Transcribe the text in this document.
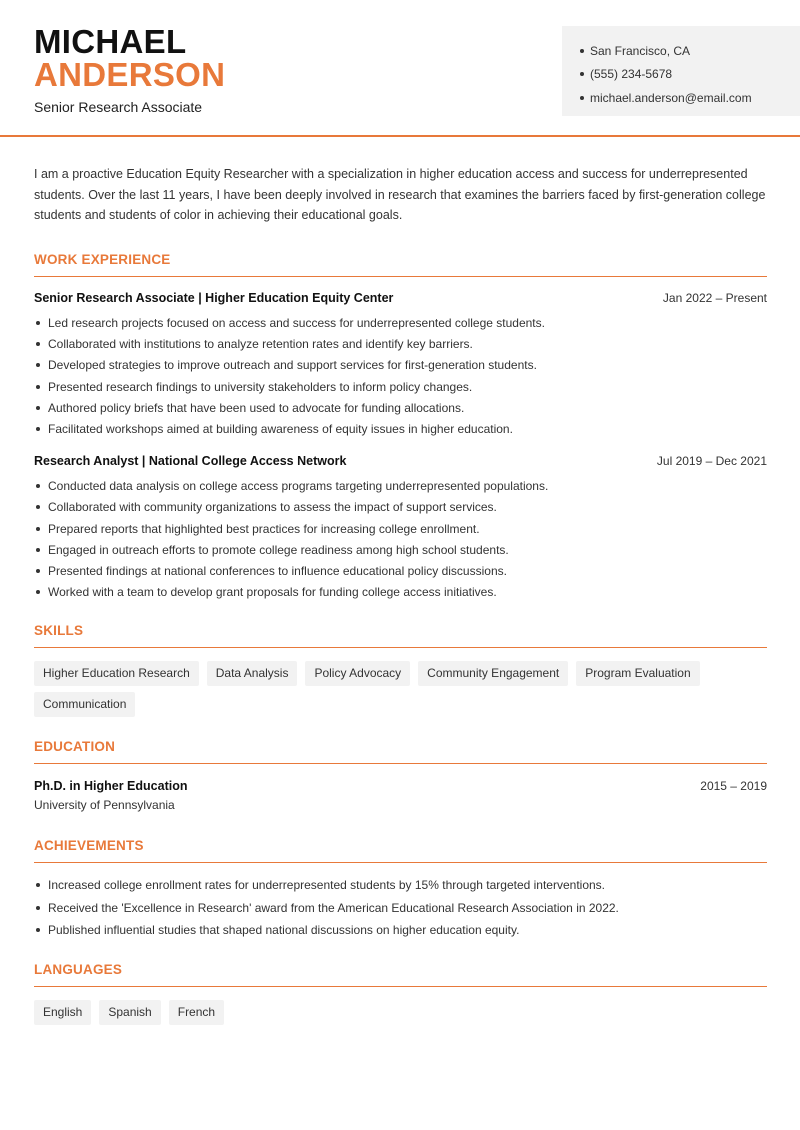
MICHAEL
ANDERSON
Senior Research Associate
San Francisco, CA
(555) 234-5678
michael.anderson@email.com

I am a proactive Education Equity Researcher with a specialization in higher education access and success for underrepresented students. Over the last 11 years, I have been deeply involved in research that examines the barriers faced by first-generation college students and students of color in achieving their educational goals.

WORK EXPERIENCE
Senior Research Associate | Higher Education Equity Center	Jan 2022 – Present
Led research projects focused on access and success for underrepresented college students.
Collaborated with institutions to analyze retention rates and identify key barriers.
Developed strategies to improve outreach and support services for first-generation students.
Presented research findings to university stakeholders to inform policy changes.
Authored policy briefs that have been used to advocate for funding allocations.
Facilitated workshops aimed at building awareness of equity issues in higher education.
Research Analyst | National College Access Network	Jul 2019 – Dec 2021
Conducted data analysis on college access programs targeting underrepresented populations.
Collaborated with community organizations to assess the impact of support services.
Prepared reports that highlighted best practices for increasing college enrollment.
Engaged in outreach efforts to promote college readiness among high school students.
Presented findings at national conferences to influence educational policy discussions.
Worked with a team to develop grant proposals for funding college access initiatives.
SKILLS
Higher Education Research	Data Analysis	Policy Advocacy	Community Engagement	Program Evaluation
Communication
EDUCATION
Ph.D. in Higher Education	2015 – 2019
University of Pennsylvania
ACHIEVEMENTS
Increased college enrollment rates for underrepresented students by 15% through targeted interventions.
Received the 'Excellence in Research' award from the American Educational Research Association in 2022.
Published influential studies that shaped national discussions on higher education equity.
LANGUAGES
English	Spanish	French
